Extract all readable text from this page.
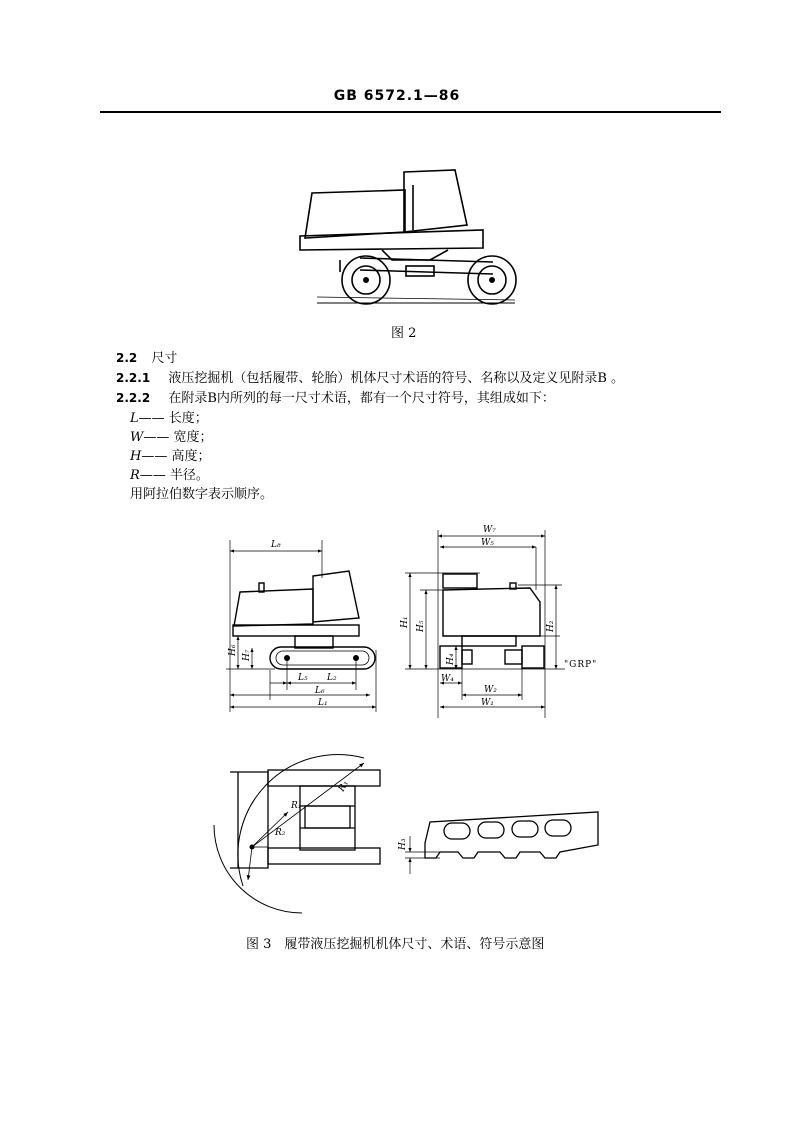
GB 6572.1—86
图 2
2.2 尺寸
2.2.1 液压挖掘机（包括履带、轮胎）机体尺寸术语的符号、名称以及定义见附录B 。
2.2.2 在附录B内所列的每一尺寸术语，都有一个尺寸符号，其组成如下：
L—— 长度；
W—— 宽度；
H—— 高度；
R—— 半径。
用阿拉伯数字表示顺序。
L₈
L₂
L₅
L₆
L₁
H₆ H₇
W₇
W₅
W₄
W₂
W₁
H₁ H₅	H₂
H₄	"GRP"
R₁
R₂
R₃
H₃
图 3　履带液压挖掘机机体尺寸、术语、符号示意图
